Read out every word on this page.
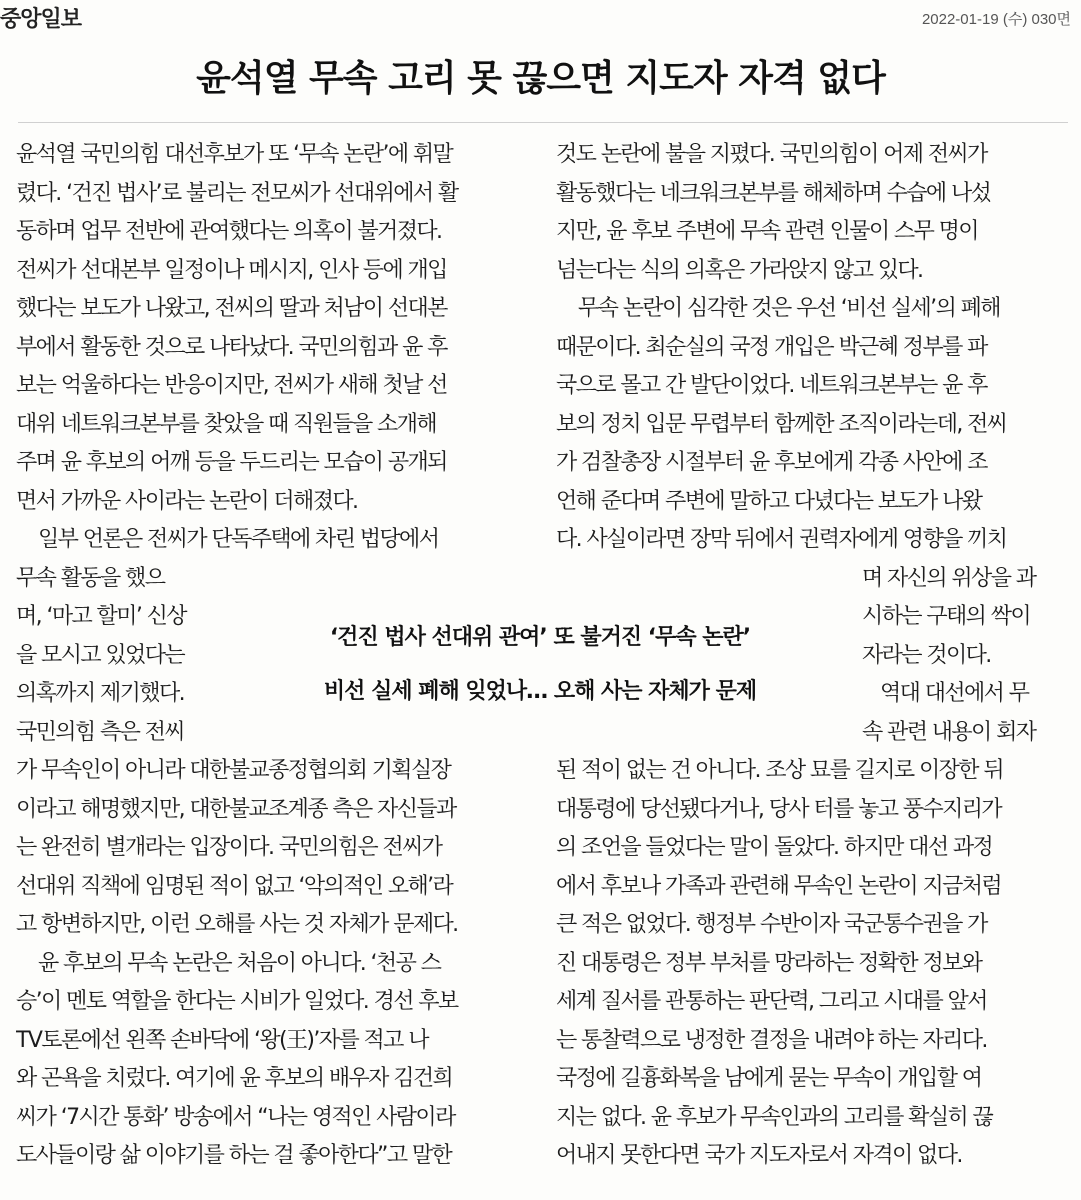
중앙일보	2022-01-19 (수) 030면
윤석열 무속 고리 못 끊으면 지도자 자격 없다
윤석열 국민의힘 대선후보가 또 ‘무속 논란’에 휘말
렸다. ‘건진 법사’로 불리는 전모씨가 선대위에서 활
동하며 업무 전반에 관여했다는 의혹이 불거졌다.
전씨가 선대본부 일정이나 메시지, 인사 등에 개입
했다는 보도가 나왔고, 전씨의 딸과 처남이 선대본
부에서 활동한 것으로 나타났다. 국민의힘과 윤 후
보는 억울하다는 반응이지만, 전씨가 새해 첫날 선
대위 네트워크본부를 찾았을 때 직원들을 소개해
주며 윤 후보의 어깨 등을 두드리는 모습이 공개되
면서 가까운 사이라는 논란이 더해졌다.
일부 언론은 전씨가 단독주택에 차린 법당에서
무속 활동을 했으
며, ‘마고 할미’ 신상
을 모시고 있었다는
의혹까지 제기했다.
국민의힘 측은 전씨
가 무속인이 아니라 대한불교종정협의회 기획실장
이라고 해명했지만, 대한불교조계종 측은 자신들과
는 완전히 별개라는 입장이다. 국민의힘은 전씨가
선대위 직책에 임명된 적이 없고 ‘악의적인 오해’라
고 항변하지만, 이런 오해를 사는 것 자체가 문제다.
윤 후보의 무속 논란은 처음이 아니다. ‘천공 스
승’이 멘토 역할을 한다는 시비가 일었다. 경선 후보
TV토론에선 왼쪽 손바닥에 ‘왕(王)’자를 적고 나
와 곤욕을 치렀다. 여기에 윤 후보의 배우자 김건희
씨가 ‘7시간 통화’ 방송에서 “나는 영적인 사람이라
도사들이랑 삶 이야기를 하는 걸 좋아한다”고 말한
것도 논란에 불을 지폈다. 국민의힘이 어제 전씨가
활동했다는 네크워크본부를 해체하며 수습에 나섰
지만, 윤 후보 주변에 무속 관련 인물이 스무 명이
넘는다는 식의 의혹은 가라앉지 않고 있다.
무속 논란이 심각한 것은 우선 ‘비선 실세’의 폐해
때문이다. 최순실의 국정 개입은 박근혜 정부를 파
국으로 몰고 간 발단이었다. 네트워크본부는 윤 후
보의 정치 입문 무렵부터 함께한 조직이라는데, 전씨
가 검찰총장 시절부터 윤 후보에게 각종 사안에 조
언해 준다며 주변에 말하고 다녔다는 보도가 나왔
다. 사실이라면 장막 뒤에서 권력자에게 영향을 끼치
며 자신의 위상을 과
시하는 구태의 싹이
자라는 것이다.
역대 대선에서 무
속 관련 내용이 회자
된 적이 없는 건 아니다. 조상 묘를 길지로 이장한 뒤
대통령에 당선됐다거나, 당사 터를 놓고 풍수지리가
의 조언을 들었다는 말이 돌았다. 하지만 대선 과정
에서 후보나 가족과 관련해 무속인 논란이 지금처럼
큰 적은 없었다. 행정부 수반이자 국군통수권을 가
진 대통령은 정부 부처를 망라하는 정확한 정보와
세계 질서를 관통하는 판단력, 그리고 시대를 앞서
는 통찰력으로 냉정한 결정을 내려야 하는 자리다.
국정에 길흉화복을 남에게 묻는 무속이 개입할 여
지는 없다. 윤 후보가 무속인과의 고리를 확실히 끊
어내지 못한다면 국가 지도자로서 자격이 없다.
‘건진 법사 선대위 관여’ 또 불거진 ‘무속 논란’
비선 실세 폐해 잊었나… 오해 사는 자체가 문제
